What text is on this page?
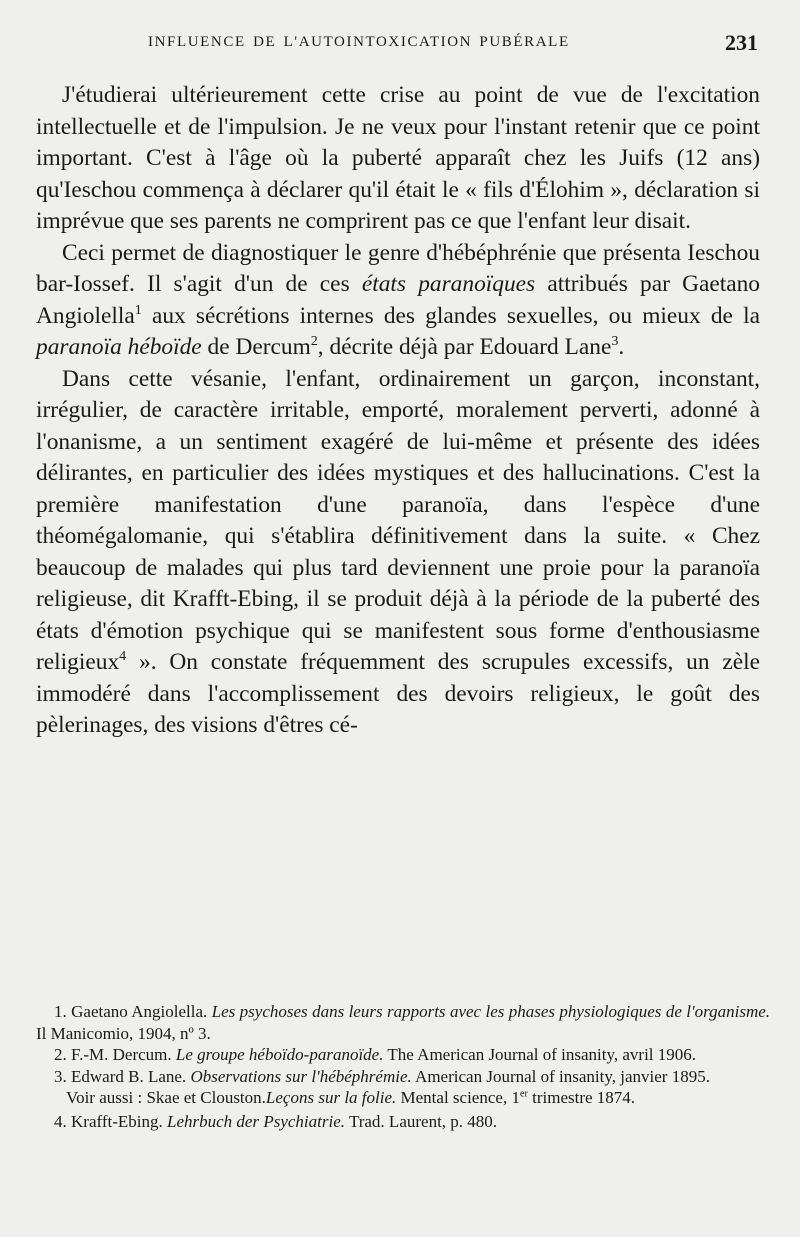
INFLUENCE DE L'AUTOINTOXICATION PUBÉRALE	231

J'étudierai ultérieurement cette crise au point de vue de l'excitation intellectuelle et de l'impulsion. Je ne veux pour l'instant retenir que ce point important. C'est à l'âge où la puberté apparaît chez les Juifs (12 ans) qu'Ieschou commença à déclarer qu'il était le « fils d'Élohim », déclaration si imprévue que ses parents ne comprirent pas ce que l'enfant leur disait.

Ceci permet de diagnostiquer le genre d'hébéphrénie que présenta Ieschou bar-Iossef. Il s'agit d'un de ces états paranoïques attribués par Gaetano Angiolella$^1$ aux sécrétions internes des glandes sexuelles, ou mieux de la paranoïa héboïde de Dercum$^2$, décrite déjà par Edouard Lane$^3$.

Dans cette vésanie, l'enfant, ordinairement un garçon, inconstant, irrégulier, de caractère irritable, emporté, moralement perverti, adonné à l'onanisme, a un sentiment exagéré de lui-même et présente des idées délirantes, en particulier des idées mystiques et des hallucinations. C'est la première manifestation d'une paranoïa, dans l'espèce d'une théomégalomanie, qui s'établira définitivement dans la suite. « Chez beaucoup de malades qui plus tard deviennent une proie pour la paranoïa religieuse, dit Krafft-Ebing, il se produit déjà à la période de la puberté des états d'émotion psychique qui se manifestent sous forme d'enthousiasme religieux$^4$ ». On constate fréquemment des scrupules excessifs, un zèle immodéré dans l'accomplissement des devoirs religieux, le goût des pèlerinages, des visions d'êtres cé-

1. Gaetano Angiolella. Les psychoses dans leurs rapports avec les phases physiologiques de l'organisme. Il Manicomio, 1904, nº 3.

2. F.-M. Dercum. Le groupe héboïdo-paranoïde. The American Journal of insanity, avril 1906.

3. Edward B. Lane. Observations sur l'hébéphrémie. American Journal of insanity, janvier 1895.

Voir aussi : Skae et Clouston.Leçons sur la folie. Mental science, 1er trimestre 1874.

4. Krafft-Ebing. Lehrbuch der Psychiatrie. Trad. Laurent, p. 480.
